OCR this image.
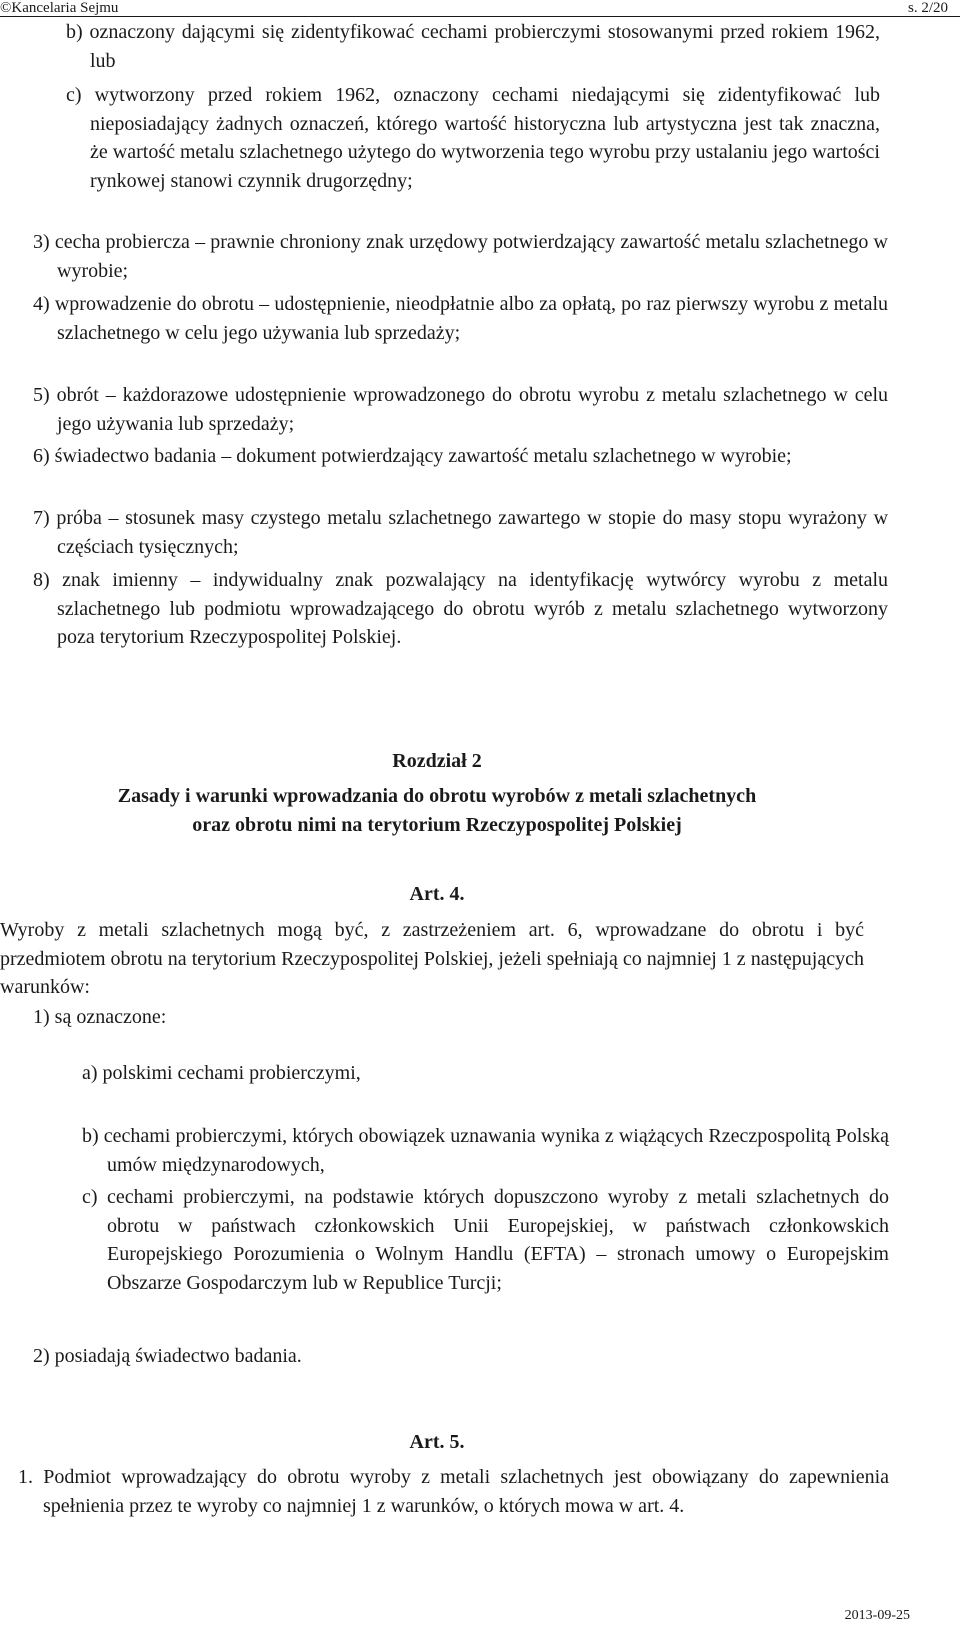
©Kancelaria Sejmu	s. 2/20

b) oznaczony dającymi się zidentyfikować cechami probierczymi stosowanymi przed rokiem 1962, lub

c) wytworzony przed rokiem 1962, oznaczony cechami niedającymi się zidentyfikować lub nieposiadający żadnych oznaczeń, którego wartość historyczna lub artystyczna jest tak znaczna, że wartość metalu szlachetnego użytego do wytworzenia tego wyrobu przy ustalaniu jego wartości rynkowej stanowi czynnik drugorzędny;

3) cecha probiercza – prawnie chroniony znak urzędowy potwierdzający zawartość metalu szlachetnego w wyrobie;

4) wprowadzenie do obrotu – udostępnienie, nieodpłatnie albo za opłatą, po raz pierwszy wyrobu z metalu szlachetnego w celu jego używania lub sprzedaży;

5) obrót – każdorazowe udostępnienie wprowadzonego do obrotu wyrobu z metalu szlachetnego w celu jego używania lub sprzedaży;

6) świadectwo badania – dokument potwierdzający zawartość metalu szlachetnego w wyrobie;

7) próba – stosunek masy czystego metalu szlachetnego zawartego w stopie do masy stopu wyrażony w częściach tysięcznych;

8) znak imienny – indywidualny znak pozwalający na identyfikację wytwórcy wyrobu z metalu szlachetnego lub podmiotu wprowadzającego do obrotu wyrób z metalu szlachetnego wytworzony poza terytorium Rzeczypospolitej Polskiej.

Rozdział 2
Zasady i warunki wprowadzania do obrotu wyrobów z metali szlachetnych
oraz obrotu nimi na terytorium Rzeczypospolitej Polskiej
Art. 4.

Wyroby z metali szlachetnych mogą być, z zastrzeżeniem art. 6, wprowadzane do obrotu i być przedmiotem obrotu na terytorium Rzeczypospolitej Polskiej, jeżeli spełniają co najmniej 1 z następujących warunków:

1) są oznaczone:

a) polskimi cechami probierczymi,

b) cechami probierczymi, których obowiązek uznawania wynika z wiążących Rzeczpospolitą Polską umów międzynarodowych,

c) cechami probierczymi, na podstawie których dopuszczono wyroby z metali szlachetnych do obrotu w państwach członkowskich Unii Europejskiej, w państwach członkowskich Europejskiego Porozumienia o Wolnym Handlu (EFTA) – stronach umowy o Europejskim Obszarze Gospodarczym lub w Republice Turcji;

2) posiadają świadectwo badania.

Art. 5.

1. Podmiot wprowadzający do obrotu wyroby z metali szlachetnych jest obowiązany do zapewnienia spełnienia przez te wyroby co najmniej 1 z warunków, o których mowa w art. 4.

2013-09-25
